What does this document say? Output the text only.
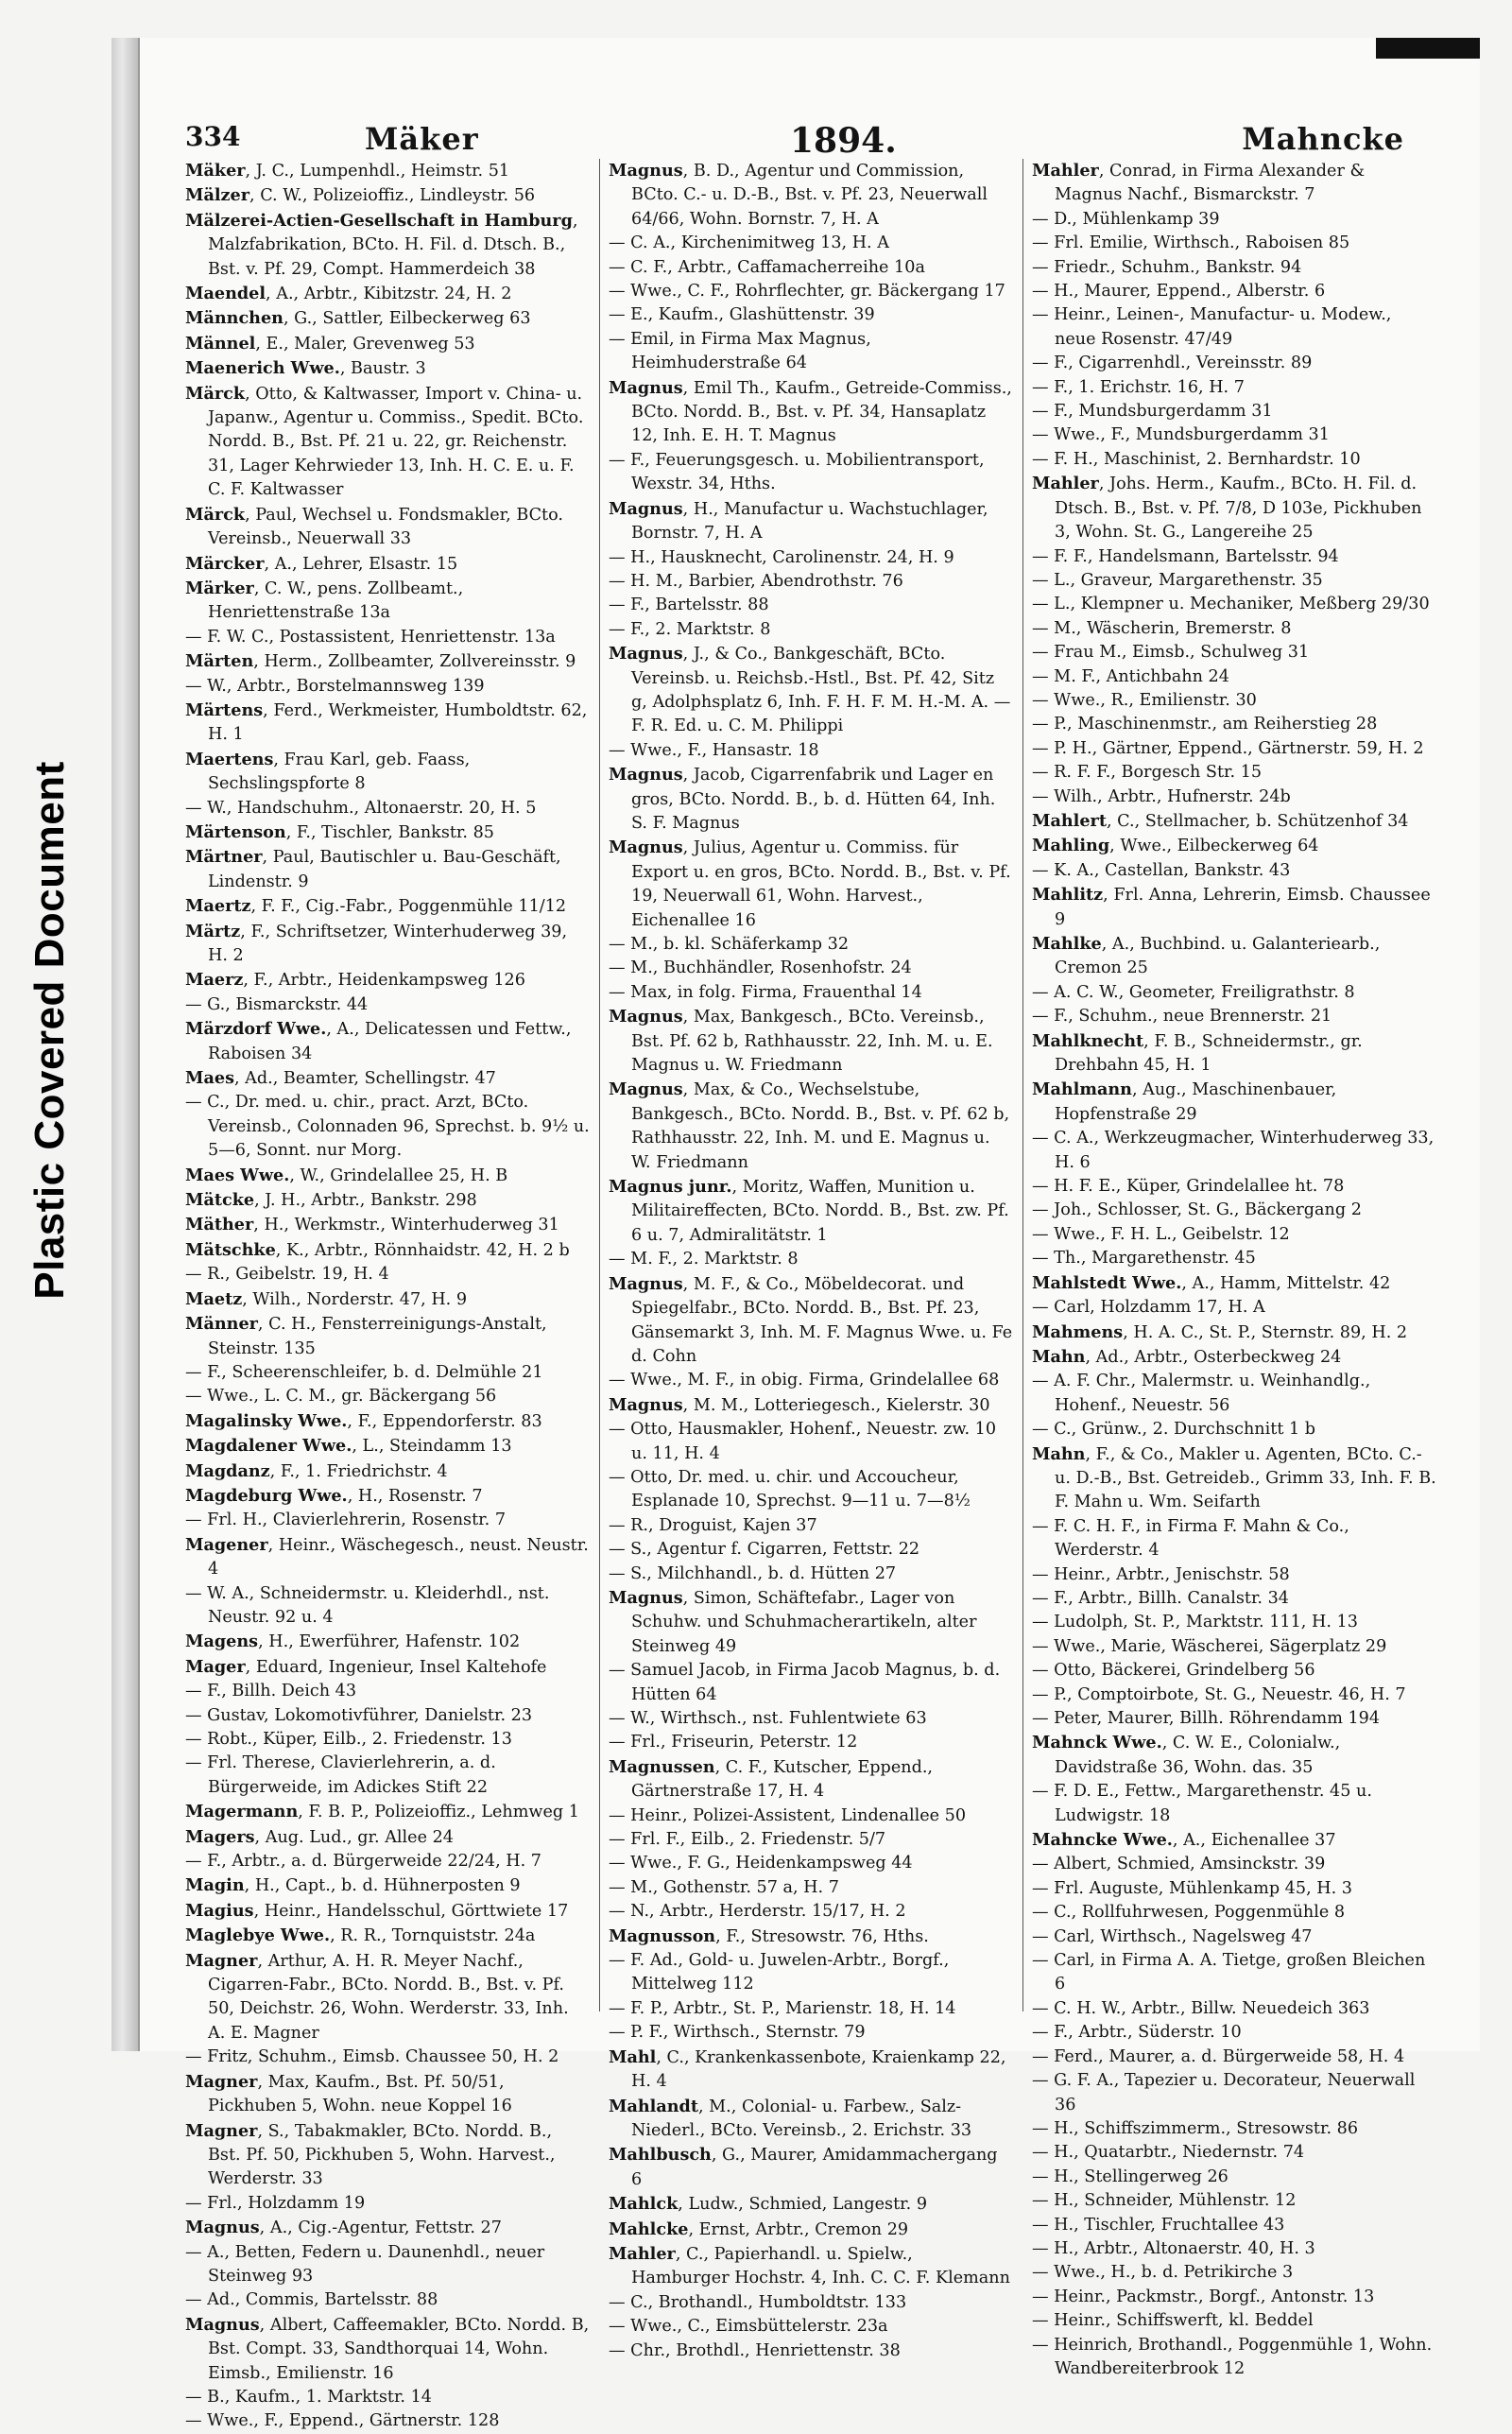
Plastic Covered Document
334	Mäker	1894.	Mahncke
Mäker, J. C., Lumpenhdl., Heimstr. 51
Mälzer, C. W., Polizeioffiz., Lindleystr. 56
Mälzerei-Actien-Gesellschaft in Hamburg, Malzfabrikation, BCto. H. Fil. d. Dtsch. B., Bst. v. Pf. 29, Compt. Hammerdeich 38
Maendel, A., Arbtr., Kibitzstr. 24, H. 2
Männchen, G., Sattler, Eilbeckerweg 63
Männel, E., Maler, Grevenweg 53
Maenerich Wwe., Baustr. 3
Märck, Otto, & Kaltwasser, Import v. China- u. Japanw., Agentur u. Commiss., Spedit. BCto. Nordd. B., Bst. Pf. 21 u. 22, gr. Reichenstr. 31, Lager Kehrwieder 13, Inh. H. C. E. u. F. C. F. Kaltwasser
Märck, Paul, Wechsel u. Fondsmakler, BCto. Vereinsb., Neuerwall 33
Märcker, A., Lehrer, Elsastr. 15
Märker, C. W., pens. Zollbeamt., Henriettenstraße 13a
— F. W. C., Postassistent, Henriettenstr. 13a
Märten, Herm., Zollbeamter, Zollvereinsstr. 9
— W., Arbtr., Borstelmannsweg 139
Märtens, Ferd., Werkmeister, Humboldtstr. 62, H. 1
Maertens, Frau Karl, geb. Faass, Sechslingspforte 8
— W., Handschuhm., Altonaerstr. 20, H. 5
Märtenson, F., Tischler, Bankstr. 85
Märtner, Paul, Bautischler u. Bau-Geschäft, Lindenstr. 9
Maertz, F. F., Cig.-Fabr., Poggenmühle 11/12
Märtz, F., Schriftsetzer, Winterhuderweg 39, H. 2
Maerz, F., Arbtr., Heidenkampsweg 126
— G., Bismarckstr. 44
Märzdorf Wwe., A., Delicatessen und Fettw., Raboisen 34
Maes, Ad., Beamter, Schellingstr. 47
— C., Dr. med. u. chir., pract. Arzt, BCto. Vereinsb., Colonnaden 96, Sprechst. b. 9½ u. 5—6, Sonnt. nur Morg.
Maes Wwe., W., Grindelallee 25, H. B
Mätcke, J. H., Arbtr., Bankstr. 298
Mäther, H., Werkmstr., Winterhuderweg 31
Mätschke, K., Arbtr., Rönnhaidstr. 42, H. 2 b
— R., Geibelstr. 19, H. 4
Maetz, Wilh., Norderstr. 47, H. 9
Männer, C. H., Fensterreinigungs-Anstalt, Steinstr. 135
— F., Scheerenschleifer, b. d. Delmühle 21
— Wwe., L. C. M., gr. Bäckergang 56
Magalinsky Wwe., F., Eppendorferstr. 83
Magdalener Wwe., L., Steindamm 13
Magdanz, F., 1. Friedrichstr. 4
Magdeburg Wwe., H., Rosenstr. 7
— Frl. H., Clavierlehrerin, Rosenstr. 7
Magener, Heinr., Wäschegesch., neust. Neustr. 4
— W. A., Schneidermstr. u. Kleiderhdl., nst. Neustr. 92 u. 4
Magens, H., Ewerführer, Hafenstr. 102
Mager, Eduard, Ingenieur, Insel Kaltehofe
— F., Billh. Deich 43
— Gustav, Lokomotivführer, Danielstr. 23
— Robt., Küper, Eilb., 2. Friedenstr. 13
— Frl. Therese, Clavierlehrerin, a. d. Bürgerweide, im Adickes Stift 22
Magermann, F. B. P., Polizeioffiz., Lehmweg 1
Magers, Aug. Lud., gr. Allee 24
— F., Arbtr., a. d. Bürgerweide 22/24, H. 7
Magin, H., Capt., b. d. Hühnerposten 9
Magius, Heinr., Handelsschul, Görttwiete 17
Maglebye Wwe., R. R., Tornquiststr. 24a
Magner, Arthur, A. H. R. Meyer Nachf., Cigarren-Fabr., BCto. Nordd. B., Bst. v. Pf. 50, Deichstr. 26, Wohn. Werderstr. 33, Inh. A. E. Magner
— Fritz, Schuhm., Eimsb. Chaussee 50, H. 2
Magner, Max, Kaufm., Bst. Pf. 50/51, Pickhuben 5, Wohn. neue Koppel 16
Magner, S., Tabakmakler, BCto. Nordd. B., Bst. Pf. 50, Pickhuben 5, Wohn. Harvest., Werderstr. 33
— Frl., Holzdamm 19
Magnus, A., Cig.-Agentur, Fettstr. 27
— A., Betten, Federn u. Daunenhdl., neuer Steinweg 93
— Ad., Commis, Bartelsstr. 88
Magnus, Albert, Caffeemakler, BCto. Nordd. B, Bst. Compt. 33, Sandthorquai 14, Wohn. Eimsb., Emilienstr. 16
— B., Kaufm., 1. Marktstr. 14
— Wwe., F., Eppend., Gärtnerstr. 128
Magnus, B. D., Agentur und Commission, BCto. C.- u. D.-B., Bst. v. Pf. 23, Neuerwall 64/66, Wohn. Bornstr. 7, H. A
— C. A., Kirchenimitweg 13, H. A
— C. F., Arbtr., Caffamacherreihe 10a
— Wwe., C. F., Rohrflechter, gr. Bäckergang 17
— E., Kaufm., Glashüttenstr. 39
— Emil, in Firma Max Magnus, Heimhuderstraße 64
Magnus, Emil Th., Kaufm., Getreide-Commiss., BCto. Nordd. B., Bst. v. Pf. 34, Hansaplatz 12, Inh. E. H. T. Magnus
— F., Feuerungsgesch. u. Mobilientransport, Wexstr. 34, Hths.
Magnus, H., Manufactur u. Wachstuchlager, Bornstr. 7, H. A
— H., Hausknecht, Carolinenstr. 24, H. 9
— H. M., Barbier, Abendrothstr. 76
— F., Bartelsstr. 88
— F., 2. Marktstr. 8
Magnus, J., & Co., Bankgeschäft, BCto. Vereinsb. u. Reichsb.-Hstl., Bst. Pf. 42, Sitz g, Adolphsplatz 6, Inh. F. H. F. M. H.-M. A. — F. R. Ed. u. C. M. Philippi
— Wwe., F., Hansastr. 18
Magnus, Jacob, Cigarrenfabrik und Lager en gros, BCto. Nordd. B., b. d. Hütten 64, Inh. S. F. Magnus
Magnus, Julius, Agentur u. Commiss. für Export u. en gros, BCto. Nordd. B., Bst. v. Pf. 19, Neuerwall 61, Wohn. Harvest., Eichenallee 16
— M., b. kl. Schäferkamp 32
— M., Buchhändler, Rosenhofstr. 24
— Max, in folg. Firma, Frauenthal 14
Magnus, Max, Bankgesch., BCto. Vereinsb., Bst. Pf. 62 b, Rathhausstr. 22, Inh. M. u. E. Magnus u. W. Friedmann
Magnus, Max, & Co., Wechselstube, Bankgesch., BCto. Nordd. B., Bst. v. Pf. 62 b, Rathhausstr. 22, Inh. M. und E. Magnus u. W. Friedmann
Magnus junr., Moritz, Waffen, Munition u. Militaireffecten, BCto. Nordd. B., Bst. zw. Pf. 6 u. 7, Admiralitätstr. 1
— M. F., 2. Marktstr. 8
Magnus, M. F., & Co., Möbeldecorat. und Spiegelfabr., BCto. Nordd. B., Bst. Pf. 23, Gänsemarkt 3, Inh. M. F. Magnus Wwe. u. Fe d. Cohn
— Wwe., M. F., in obig. Firma, Grindelallee 68
Magnus, M. M., Lotteriegesch., Kielerstr. 30
— Otto, Hausmakler, Hohenf., Neuestr. zw. 10 u. 11, H. 4
— Otto, Dr. med. u. chir. und Accoucheur, Esplanade 10, Sprechst. 9—11 u. 7—8½
— R., Droguist, Kajen 37
— S., Agentur f. Cigarren, Fettstr. 22
— S., Milchhandl., b. d. Hütten 27
Magnus, Simon, Schäftefabr., Lager von Schuhw. und Schuhmacherartikeln, alter Steinweg 49
— Samuel Jacob, in Firma Jacob Magnus, b. d. Hütten 64
— W., Wirthsch., nst. Fuhlentwiete 63
— Frl., Friseurin, Peterstr. 12
Magnussen, C. F., Kutscher, Eppend., Gärtnerstraße 17, H. 4
— Heinr., Polizei-Assistent, Lindenallee 50
— Frl. F., Eilb., 2. Friedenstr. 5/7
— Wwe., F. G., Heidenkampsweg 44
— M., Gothenstr. 57 a, H. 7
— N., Arbtr., Herderstr. 15/17, H. 2
Magnusson, F., Stresowstr. 76, Hths.
— F. Ad., Gold- u. Juwelen-Arbtr., Borgf., Mittelweg 112
— F. P., Arbtr., St. P., Marienstr. 18, H. 14
— P. F., Wirthsch., Sternstr. 79
Mahl, C., Krankenkassenbote, Kraienkamp 22, H. 4
Mahlandt, M., Colonial- u. Farbew., Salz- Niederl., BCto. Vereinsb., 2. Erichstr. 33
Mahlbusch, G., Maurer, Amidammachergang 6
Mahlck, Ludw., Schmied, Langestr. 9
Mahlcke, Ernst, Arbtr., Cremon 29
Mahler, C., Papierhandl. u. Spielw., Hamburger Hochstr. 4, Inh. C. C. F. Klemann
— C., Brothandl., Humboldtstr. 133
— Wwe., C., Eimsbüttelerstr. 23a
— Chr., Brothdl., Henriettenstr. 38
Mahler, Conrad, in Firma Alexander & Magnus Nachf., Bismarckstr. 7
— D., Mühlenkamp 39
— Frl. Emilie, Wirthsch., Raboisen 85
— Friedr., Schuhm., Bankstr. 94
— H., Maurer, Eppend., Alberstr. 6
— Heinr., Leinen-, Manufactur- u. Modew., neue Rosenstr. 47/49
— F., Cigarrenhdl., Vereinsstr. 89
— F., 1. Erichstr. 16, H. 7
— F., Mundsburgerdamm 31
— Wwe., F., Mundsburgerdamm 31
— F. H., Maschinist, 2. Bernhardstr. 10
Mahler, Johs. Herm., Kaufm., BCto. H. Fil. d. Dtsch. B., Bst. v. Pf. 7/8, D 103e, Pickhuben 3, Wohn. St. G., Langereihe 25
— F. F., Handelsmann, Bartelsstr. 94
— L., Graveur, Margarethenstr. 35
— L., Klempner u. Mechaniker, Meßberg 29/30
— M., Wäscherin, Bremerstr. 8
— Frau M., Eimsb., Schulweg 31
— M. F., Antichbahn 24
— Wwe., R., Emilienstr. 30
— P., Maschinenmstr., am Reiherstieg 28
— P. H., Gärtner, Eppend., Gärtnerstr. 59, H. 2
— R. F. F., Borgesch Str. 15
— Wilh., Arbtr., Hufnerstr. 24b
Mahlert, C., Stellmacher, b. Schützenhof 34
Mahling, Wwe., Eilbeckerweg 64
— K. A., Castellan, Bankstr. 43
Mahlitz, Frl. Anna, Lehrerin, Eimsb. Chaussee 9
Mahlke, A., Buchbind. u. Galanteriearb., Cremon 25
— A. C. W., Geometer, Freiligrathstr. 8
— F., Schuhm., neue Brennerstr. 21
Mahlknecht, F. B., Schneidermstr., gr. Drehbahn 45, H. 1
Mahlmann, Aug., Maschinenbauer, Hopfenstraße 29
— C. A., Werkzeugmacher, Winterhuderweg 33, H. 6
— H. F. E., Küper, Grindelallee ht. 78
— Joh., Schlosser, St. G., Bäckergang 2
— Wwe., F. H. L., Geibelstr. 12
— Th., Margarethenstr. 45
Mahlstedt Wwe., A., Hamm, Mittelstr. 42
— Carl, Holzdamm 17, H. A
Mahmens, H. A. C., St. P., Sternstr. 89, H. 2
Mahn, Ad., Arbtr., Osterbeckweg 24
— A. F. Chr., Malermstr. u. Weinhandlg., Hohenf., Neuestr. 56
— C., Grünw., 2. Durchschnitt 1 b
Mahn, F., & Co., Makler u. Agenten, BCto. C.- u. D.-B., Bst. Getreideb., Grimm 33, Inh. F. B. F. Mahn u. Wm. Seifarth
— F. C. H. F., in Firma F. Mahn & Co., Werderstr. 4
— Heinr., Arbtr., Jenischstr. 58
— F., Arbtr., Billh. Canalstr. 34
— Ludolph, St. P., Marktstr. 111, H. 13
— Wwe., Marie, Wäscherei, Sägerplatz 29
— Otto, Bäckerei, Grindelberg 56
— P., Comptoirbote, St. G., Neuestr. 46, H. 7
— Peter, Maurer, Billh. Röhrendamm 194
Mahnck Wwe., C. W. E., Colonialw., Davidstraße 36, Wohn. das. 35
— F. D. E., Fettw., Margarethenstr. 45 u. Ludwigstr. 18
Mahncke Wwe., A., Eichenallee 37
— Albert, Schmied, Amsinckstr. 39
— Frl. Auguste, Mühlenkamp 45, H. 3
— C., Rollfuhrwesen, Poggenmühle 8
— Carl, Wirthsch., Nagelsweg 47
— Carl, in Firma A. A. Tietge, großen Bleichen 6
— C. H. W., Arbtr., Billw. Neuedeich 363
— F., Arbtr., Süderstr. 10
— Ferd., Maurer, a. d. Bürgerweide 58, H. 4
— G. F. A., Tapezier u. Decorateur, Neuerwall 36
— H., Schiffszimmerm., Stresowstr. 86
— H., Quatarbtr., Niedernstr. 74
— H., Stellingerweg 26
— H., Schneider, Mühlenstr. 12
— H., Tischler, Fruchtallee 43
— H., Arbtr., Altonaerstr. 40, H. 3
— Wwe., H., b. d. Petrikirche 3
— Heinr., Packmstr., Borgf., Antonstr. 13
— Heinr., Schiffswerft, kl. Beddel
— Heinrich, Brothandl., Poggenmühle 1, Wohn. Wandbereiterbrook 12
